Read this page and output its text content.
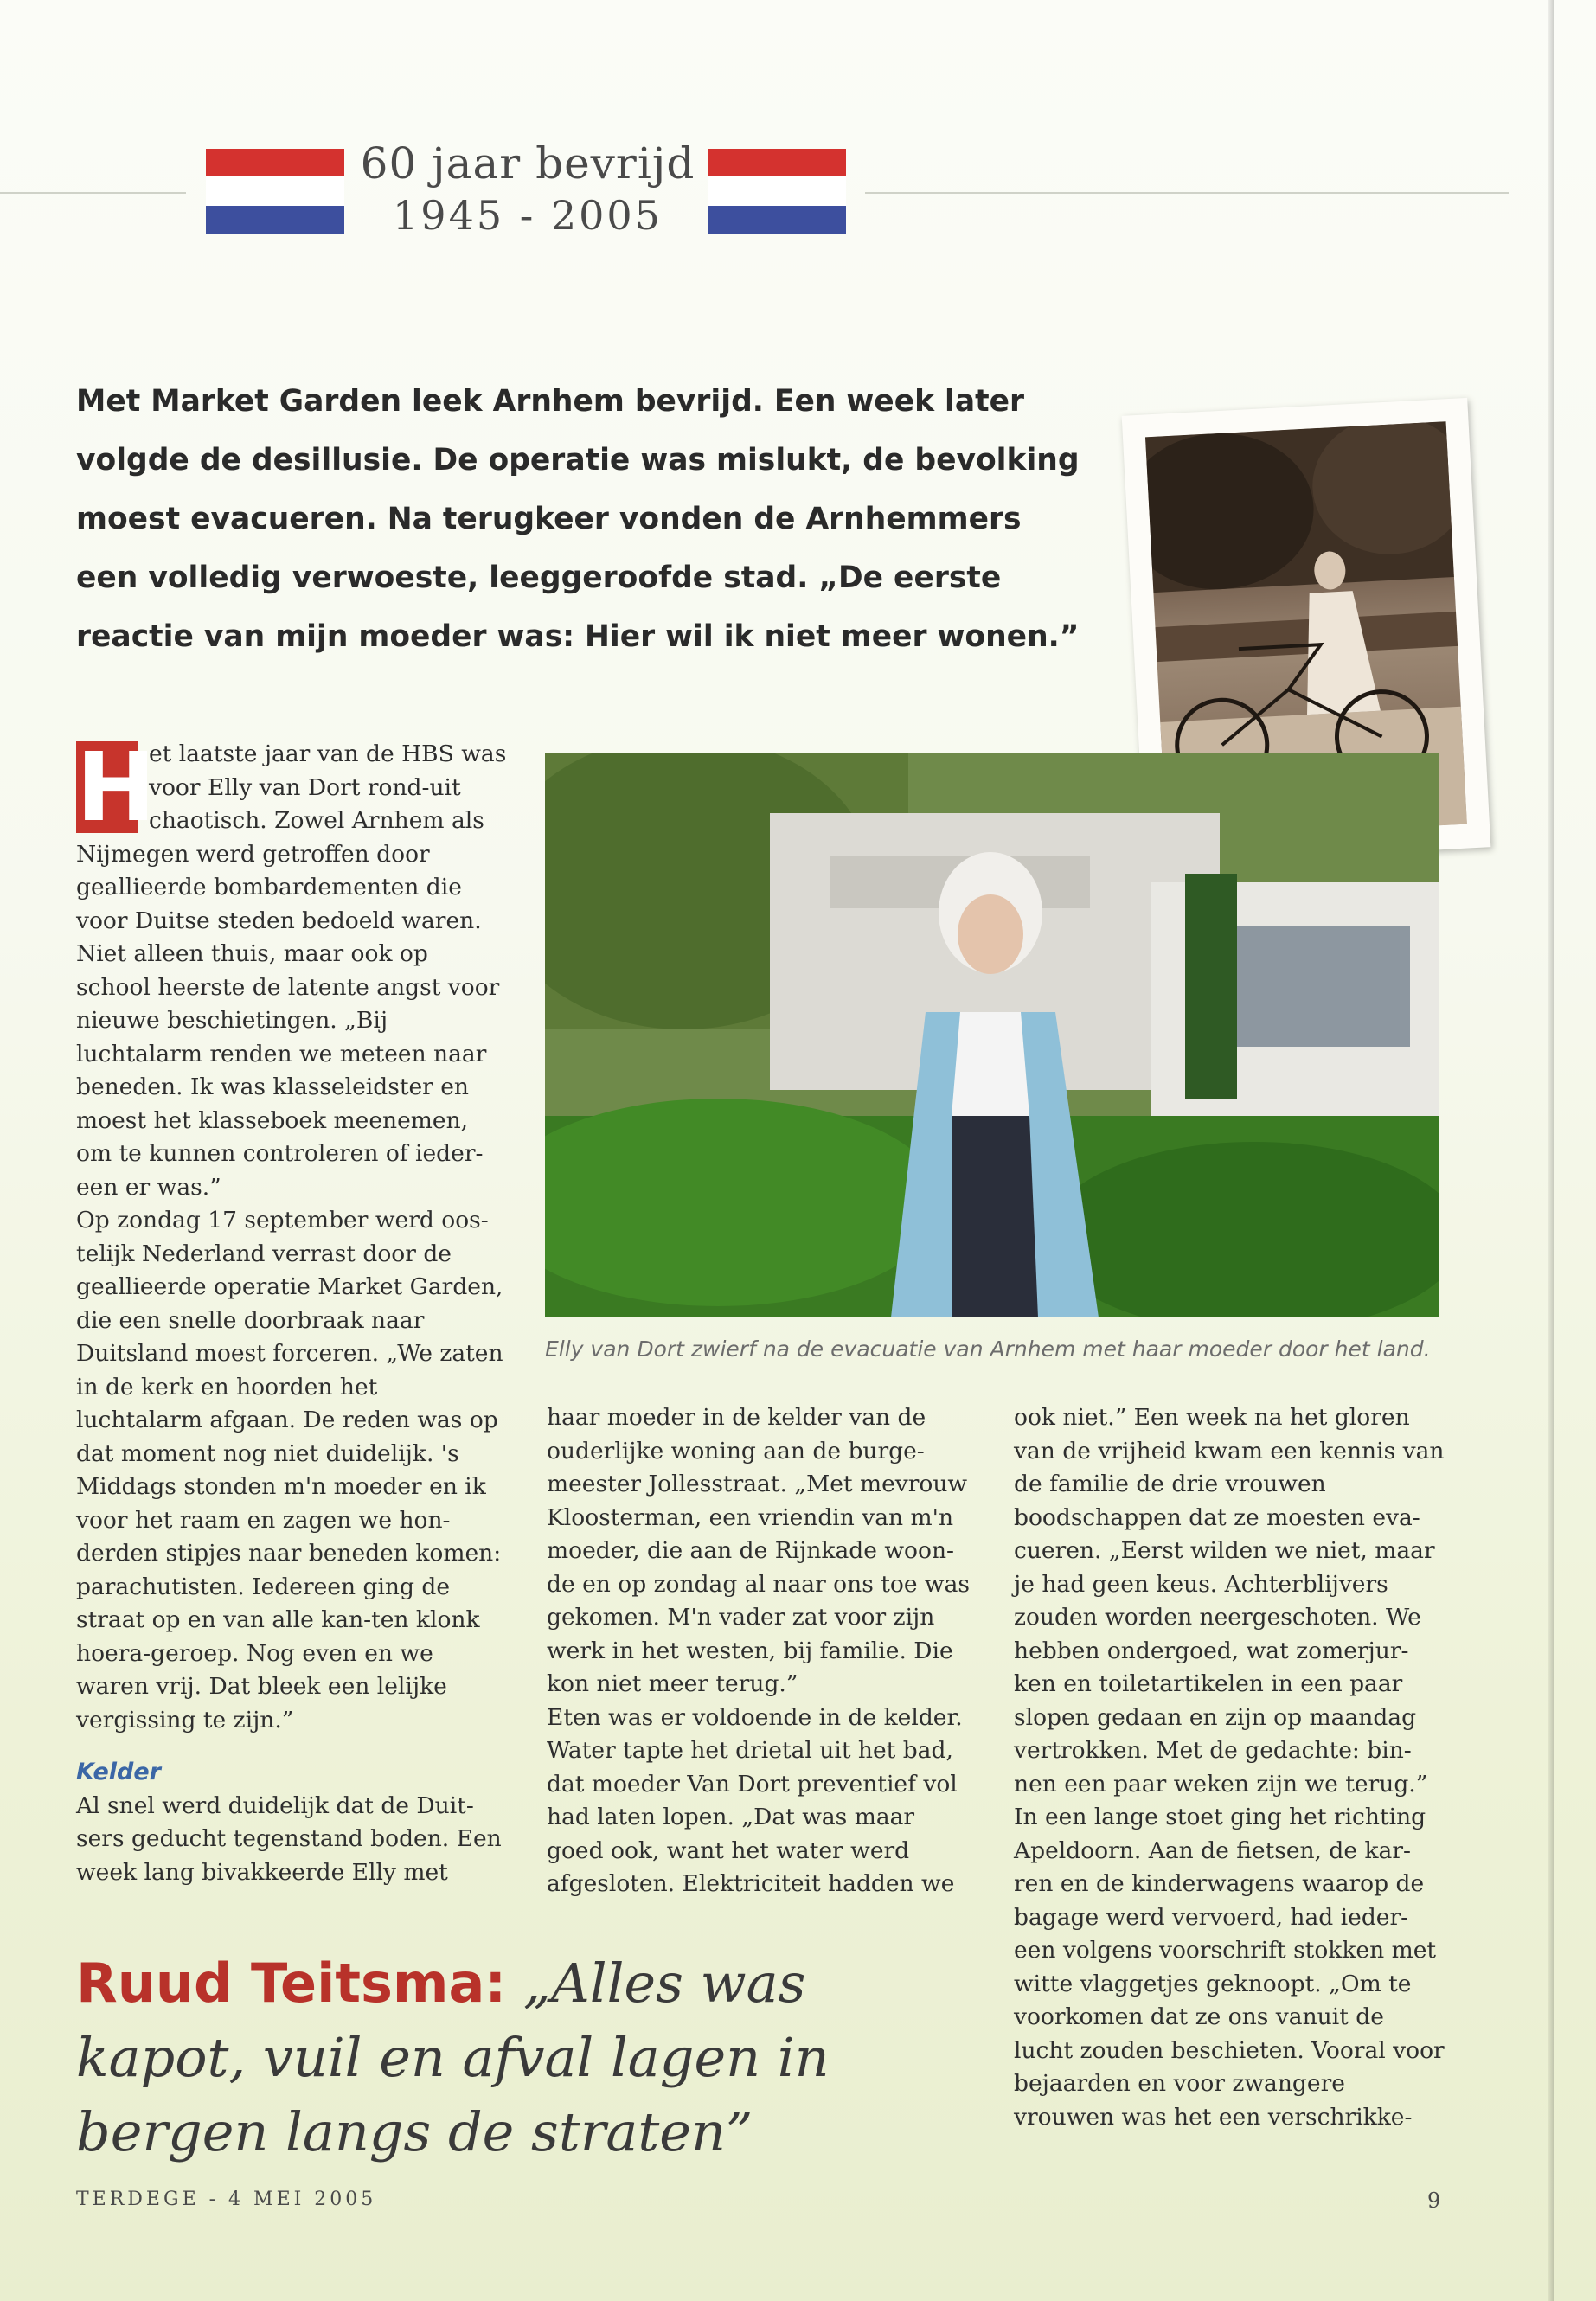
60 jaar bevrijd
1945 - 2005
Met Market Garden leek Arnhem bevrijd. Een week later volgde de desillusie. De operatie was mislukt, de bevolking moest evacueren. Na terugkeer vonden de Arnhemmers een volledig verwoeste, leeggeroofde stad. „De eerste reactie van mijn moeder was: Hier wil ik niet meer wonen.”
Elly van Dort zwierf na de evacuatie van Arnhem met haar moeder door het land.
H

et laatste jaar van de HBS was voor Elly van Dort rond-uit chaotisch. Zowel Arnhem als Nijmegen werd getroffen door geallieerde bombardementen die voor Duitse steden bedoeld waren. Niet alleen thuis, maar ook op school heerste de latente angst voor nieuwe beschietingen. „Bij luchtalarm renden we meteen naar beneden. Ik was klasseleidster en moest het klasseboek meenemen, om te kunnen controleren of ieder-een er was.”

Op zondag 17 september werd oos-telijk Nederland verrast door de geallieerde operatie Market Garden, die een snelle doorbraak naar Duitsland moest forceren. „We zaten in de kerk en hoorden het luchtalarm afgaan. De reden was op dat moment nog niet duidelijk. 's Middags stonden m'n moeder en ik voor het raam en zagen we hon-derden stipjes naar beneden komen: parachutisten. Iedereen ging de straat op en van alle kan-ten klonk hoera-geroep. Nog even en we waren vrij. Dat bleek een lelijke vergissing te zijn.”

Kelder

Al snel werd duidelijk dat de Duit-sers geducht tegenstand boden. Een week lang bivakkeerde Elly met

haar moeder in de kelder van de ouderlijke woning aan de burge-meester Jollesstraat. „Met mevrouw Kloosterman, een vriendin van m'n moeder, die aan de Rijnkade woon-de en op zondag al naar ons toe was gekomen. M'n vader zat voor zijn werk in het westen, bij familie. Die kon niet meer terug.”

Eten was er voldoende in de kelder. Water tapte het drietal uit het bad, dat moeder Van Dort preventief vol had laten lopen. „Dat was maar goed ook, want het water werd afgesloten. Elektriciteit hadden we

ook niet.” Een week na het gloren van de vrijheid kwam een kennis van de familie de drie vrouwen boodschappen dat ze moesten eva-cueren. „Eerst wilden we niet, maar je had geen keus. Achterblijvers zouden worden neergeschoten. We hebben ondergoed, wat zomerjur-ken en toiletartikelen in een paar slopen gedaan en zijn op maandag vertrokken. Met de gedachte: bin-nen een paar weken zijn we terug.” In een lange stoet ging het richting Apeldoorn. Aan de fietsen, de kar-ren en de kinderwagens waarop de bagage werd vervoerd, had ieder-een volgens voorschrift stokken met witte vlaggetjes geknoopt. „Om te voorkomen dat ze ons vanuit de lucht zouden beschieten. Vooral voor bejaarden en voor zwangere vrouwen was het een verschrikke-

Ruud Teitsma: „Alles was kapot, vuil en afval lagen in bergen langs de straten”
TERDEGE - 4 MEI 2005	9
